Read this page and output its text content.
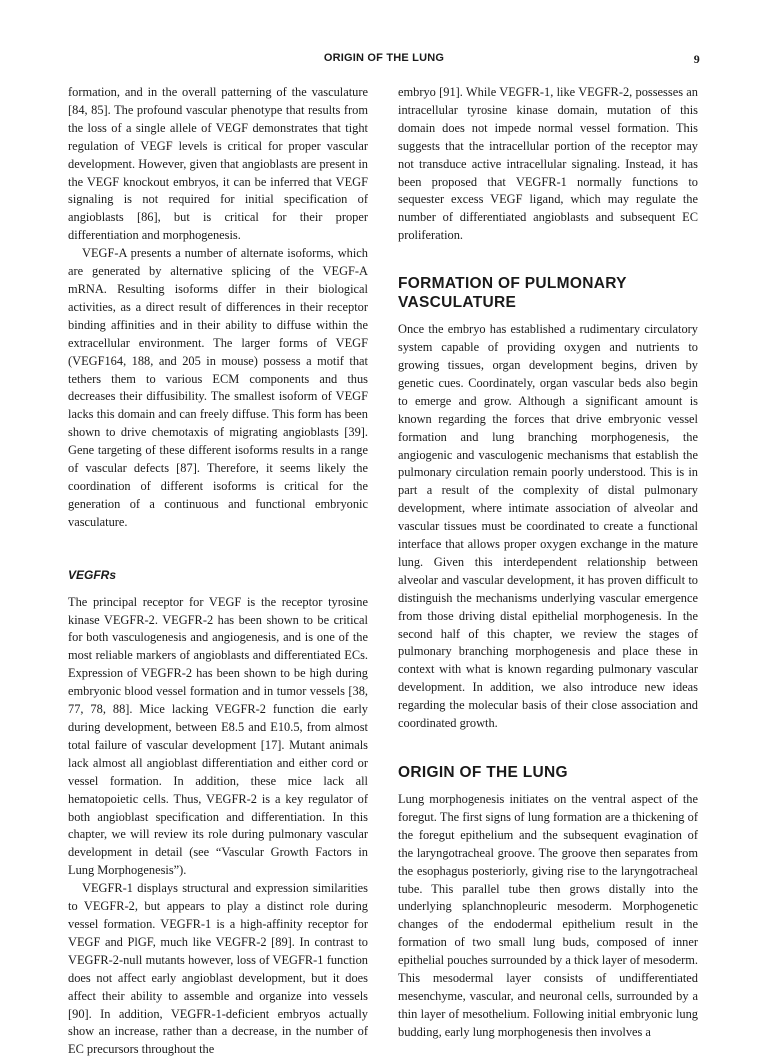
ORIGIN OF THE LUNG	9

formation, and in the overall patterning of the vasculature [84, 85]. The profound vascular phenotype that results from the loss of a single allele of VEGF demonstrates that tight regulation of VEGF levels is critical for proper vascular development. However, given that angioblasts are present in the VEGF knockout embryos, it can be inferred that VEGF signaling is not required for initial specification of angioblasts [86], but is critical for their proper differentiation and morphogenesis.

VEGF-A presents a number of alternate isoforms, which are generated by alternative splicing of the VEGF-A mRNA. Resulting isoforms differ in their biological activities, as a direct result of differences in their receptor binding affinities and in their ability to diffuse within the extracellular environment. The larger forms of VEGF (VEGF164, 188, and 205 in mouse) possess a motif that tethers them to various ECM components and thus decreases their diffusibility. The smallest isoform of VEGF lacks this domain and can freely diffuse. This form has been shown to drive chemotaxis of migrating angioblasts [39]. Gene targeting of these different isoforms results in a range of vascular defects [87]. Therefore, it seems likely the coordination of different isoforms is critical for the generation of a continuous and functional embryonic vasculature.

VEGFRs

The principal receptor for VEGF is the receptor tyrosine kinase VEGFR-2. VEGFR-2 has been shown to be critical for both vasculogenesis and angiogenesis, and is one of the most reliable markers of angioblasts and differentiated ECs. Expression of VEGFR-2 has been shown to be high during embryonic blood vessel formation and in tumor vessels [38, 77, 78, 88]. Mice lacking VEGFR-2 function die early during development, between E8.5 and E10.5, from almost total failure of vascular development [17]. Mutant animals lack almost all angioblast differentiation and either cord or vessel formation. In addition, these mice lack all hematopoietic cells. Thus, VEGFR-2 is a key regulator of both angioblast specification and differentiation. In this chapter, we will review its role during pulmonary vascular development in detail (see “Vascular Growth Factors in Lung Morphogenesis”).

VEGFR-1 displays structural and expression similarities to VEGFR-2, but appears to play a distinct role during vessel formation. VEGFR-1 is a high-affinity receptor for VEGF and PlGF, much like VEGFR-2 [89]. In contrast to VEGFR-2-null mutants however, loss of VEGFR-1 function does not affect early angioblast development, but it does affect their ability to assemble and organize into vessels [90]. In addition, VEGFR-1-deficient embryos actually show an increase, rather than a decrease, in the number of EC precursors throughout the

embryo [91]. While VEGFR-1, like VEGFR-2, possesses an intracellular tyrosine kinase domain, mutation of this domain does not impede normal vessel formation. This suggests that the intracellular portion of the receptor may not transduce active intracellular signaling. Instead, it has been proposed that VEGFR-1 normally functions to sequester excess VEGF ligand, which may regulate the number of differentiated angioblasts and subsequent EC proliferation.

FORMATION OF PULMONARY
VASCULATURE

Once the embryo has established a rudimentary circulatory system capable of providing oxygen and nutrients to growing tissues, organ development begins, driven by genetic cues. Coordinately, organ vascular beds also begin to emerge and grow. Although a significant amount is known regarding the forces that drive embryonic vessel formation and lung branching morphogenesis, the angiogenic and vasculogenic mechanisms that establish the pulmonary circulation remain poorly understood. This is in part a result of the complexity of distal pulmonary development, where intimate association of alveolar and vascular tissues must be coordinated to create a functional interface that allows proper oxygen exchange in the mature lung. Given this interdependent relationship between alveolar and vascular development, it has proven difficult to distinguish the mechanisms underlying vascular emergence from those driving distal epithelial morphogenesis. In the second half of this chapter, we review the stages of pulmonary branching morphogenesis and place these in context with what is known regarding pulmonary vascular development. In addition, we also introduce new ideas regarding the molecular basis of their close association and coordinated growth.

ORIGIN OF THE LUNG

Lung morphogenesis initiates on the ventral aspect of the foregut. The first signs of lung formation are a thickening of the foregut epithelium and the subsequent evagination of the laryngotracheal groove. The groove then separates from the esophagus posteriorly, giving rise to the laryngotracheal tube. This parallel tube then grows distally into the underlying splanchnopleuric mesoderm. Morphogenetic changes of the endodermal epithelium result in the formation of two small lung buds, composed of inner epithelial pouches surrounded by a thick layer of mesoderm. This mesodermal layer consists of undifferentiated mesenchyme, vascular, and neuronal cells, surrounded by a thin layer of mesothelium. Following initial embryonic lung budding, early lung morphogenesis then involves a
